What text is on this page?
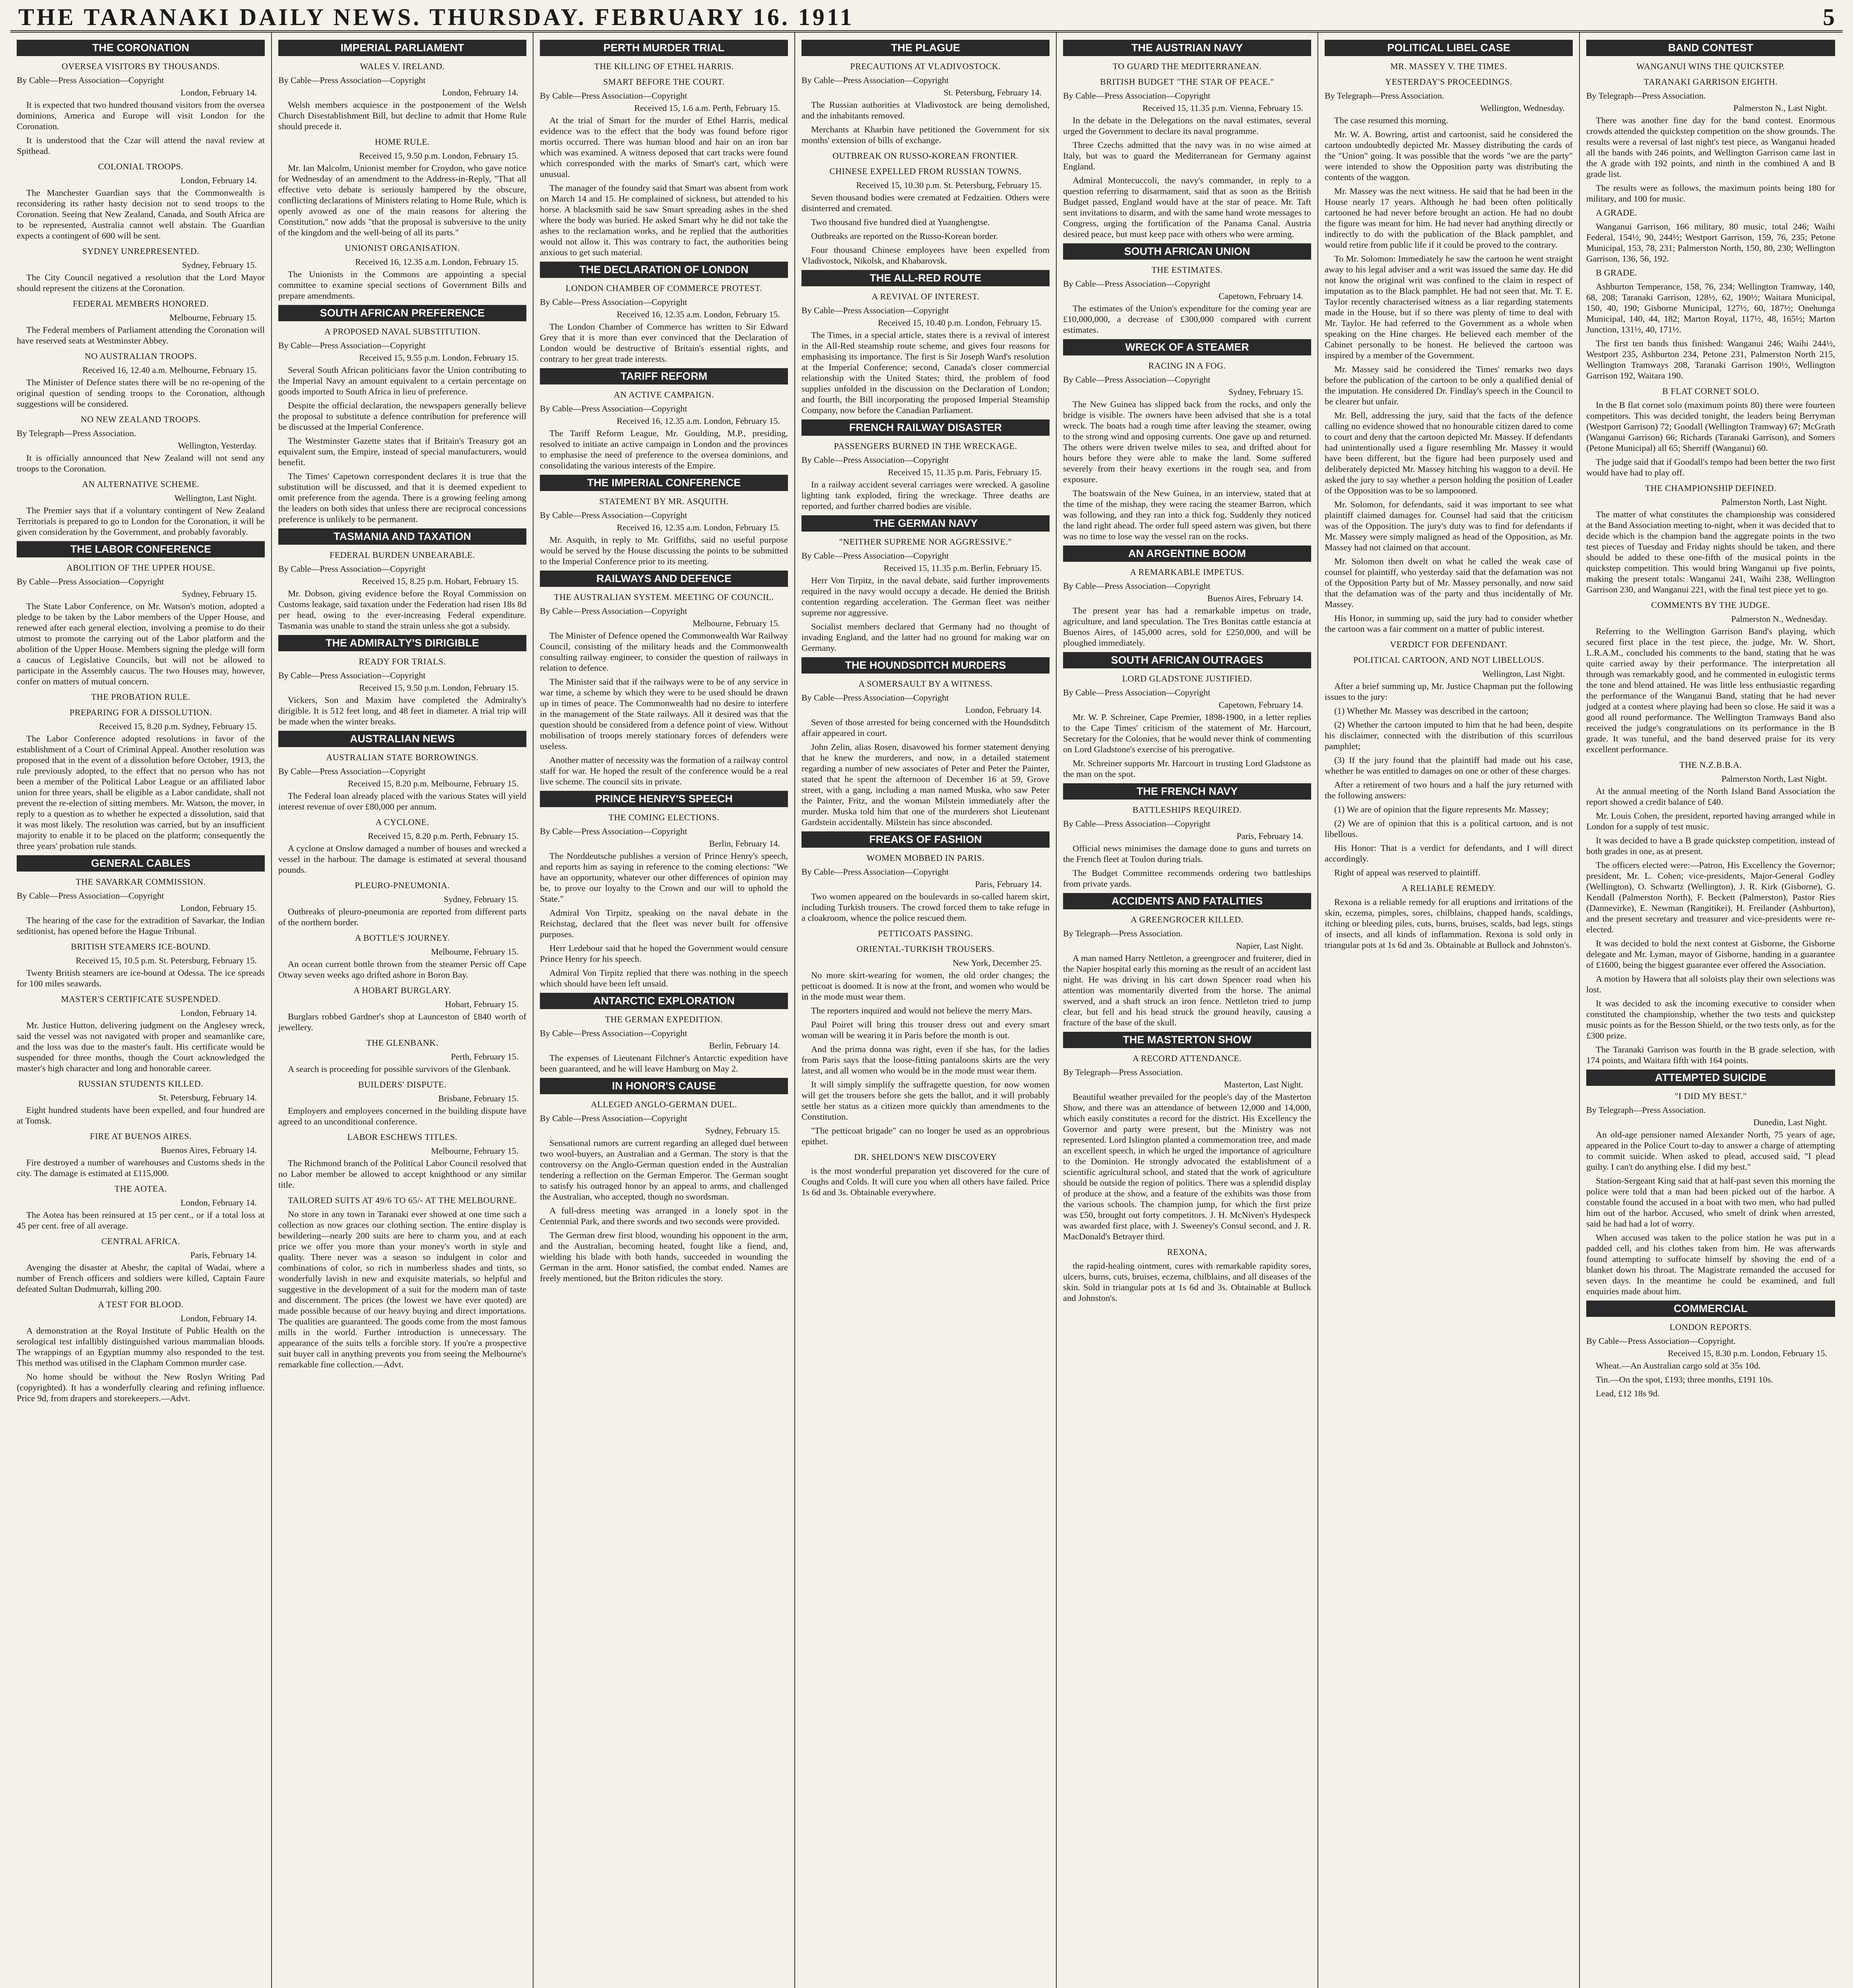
THE TARANAKI DAILY NEWS. THURSDAY. FEBRUARY 16. 1911	5
THE CORONATION
OVERSEA VISITORS BY THOUSANDS.
By Cable—Press Association—Copyright
London, February 14.

It is expected that two hundred thousand visitors from the oversea dominions, America and Europe will visit London for the Coronation.

It is understood that the Czar will attend the naval review at Spithead.

COLONIAL TROOPS.
London, February 14.

The Manchester Guardian says that the Commonwealth is reconsidering its rather hasty decision not to send troops to the Coronation. Seeing that New Zealand, Canada, and South Africa are to be represented, Australia cannot well abstain. The Guardian expects a contingent of 600 will be sent.

SYDNEY UNREPRESENTED.
Sydney, February 15.

The City Council negatived a resolution that the Lord Mayor should represent the citizens at the Coronation.

FEDERAL MEMBERS HONORED.
Melbourne, February 15.

The Federal members of Parliament attending the Coronation will have reserved seats at Westminster Abbey.

NO AUSTRALIAN TROOPS.
Received 16, 12.40 a.m. Melbourne, February 15.

The Minister of Defence states there will be no re-opening of the original question of sending troops to the Coronation, although suggestions will be considered.

NO NEW ZEALAND TROOPS.
By Telegraph—Press Association.
Wellington, Yesterday.

It is officially announced that New Zealand will not send any troops to the Coronation.

AN ALTERNATIVE SCHEME.
Wellington, Last Night.

The Premier says that if a voluntary contingent of New Zealand Territorials is prepared to go to London for the Coronation, it will be given consideration by the Government, and probably favorably.

THE LABOR CONFERENCE
ABOLITION OF THE UPPER HOUSE.
By Cable—Press Association—Copyright
Sydney, February 15.

The State Labor Conference, on Mr. Watson's motion, adopted a pledge to be taken by the Labor members of the Upper House, and renewed after each general election, involving a promise to do their utmost to promote the carrying out of the Labor platform and the abolition of the Upper House. Members signing the pledge will form a caucus of Legislative Councils, but will not be allowed to participate in the Assembly caucus. The two Houses may, however, confer on matters of mutual concern.

THE PROBATION RULE.
PREPARING FOR A DISSOLUTION.
Received 15, 8.20 p.m. Sydney, February 15.

The Labor Conference adopted resolutions in favor of the establishment of a Court of Criminal Appeal. Another resolution was proposed that in the event of a dissolution before October, 1913, the rule previously adopted, to the effect that no person who has not been a member of the Political Labor League or an affiliated labor union for three years, shall be eligible as a Labor candidate, shall not prevent the re-election of sitting members. Mr. Watson, the mover, in reply to a question as to whether he expected a dissolution, said that it was most likely. The resolution was carried, but by an insufficient majority to enable it to be placed on the platform; consequently the three years' probation rule stands.

GENERAL CABLES
THE SAVARKAR COMMISSION.
By Cable—Press Association—Copyright
London, February 15.

The hearing of the case for the extradition of Savarkar, the Indian seditionist, has opened before the Hague Tribunal.

BRITISH STEAMERS ICE-BOUND.
Received 15, 10.5 p.m. St. Petersburg, February 15.

Twenty British steamers are ice-bound at Odessa. The ice spreads for 100 miles seawards.

MASTER'S CERTIFICATE SUSPENDED.
London, February 14.

Mr. Justice Hutton, delivering judgment on the Anglesey wreck, said the vessel was not navigated with proper and seamanlike care, and the loss was due to the master's fault. His certificate would be suspended for three months, though the Court acknowledged the master's high character and long and honorable career.

RUSSIAN STUDENTS KILLED.
St. Petersburg, February 14.

Eight hundred students have been expelled, and four hundred are at Tomsk.

FIRE AT BUENOS AIRES.
Buenos Aires, February 14.

Fire destroyed a number of warehouses and Customs sheds in the city. The damage is estimated at £115,000.

THE AOTEA.
London, February 14.

The Aotea has been reinsured at 15 per cent., or if a total loss at 45 per cent. free of all average.

CENTRAL AFRICA.
Paris, February 14.

Avenging the disaster at Abeshr, the capital of Wadai, where a number of French officers and soldiers were killed, Captain Faure defeated Sultan Dudmurrah, killing 200.

A TEST FOR BLOOD.
London, February 14.

A demonstration at the Royal Institute of Public Health on the serological test infallibly distinguished various mammalian bloods. The wrappings of an Egyptian mummy also responded to the test. This method was utilised in the Clapham Common murder case.

No home should be without the New Roslyn Writing Pad (copyrighted). It has a wonderfully clearing and refining influence. Price 9d, from drapers and storekeepers.—Advt.

IMPERIAL PARLIAMENT
WALES V. IRELAND.
By Cable—Press Association—Copyright
London, February 14.

Welsh members acquiesce in the postponement of the Welsh Church Disestablishment Bill, but decline to admit that Home Rule should precede it.

HOME RULE.
Received 15, 9.50 p.m. London, February 15.

Mr. Ian Malcolm, Unionist member for Croydon, who gave notice for Wednesday of an amendment to the Address-in-Reply, "That all effective veto debate is seriously hampered by the obscure, conflicting declarations of Ministers relating to Home Rule, which is openly avowed as one of the main reasons for altering the Constitution," now adds "that the proposal is subversive to the unity of the kingdom and the well-being of all its parts."

UNIONIST ORGANISATION.
Received 16, 12.35 a.m. London, February 15.

The Unionists in the Commons are appointing a special committee to examine special sections of Government Bills and prepare amendments.

SOUTH AFRICAN PREFERENCE
A PROPOSED NAVAL SUBSTITUTION.
By Cable—Press Association—Copyright
Received 15, 9.55 p.m. London, February 15.

Several South African politicians favor the Union contributing to the Imperial Navy an amount equivalent to a certain percentage on goods imported to South Africa in lieu of preference.

Despite the official declaration, the newspapers generally believe the proposal to substitute a defence contribution for preference will be discussed at the Imperial Conference.

The Westminster Gazette states that if Britain's Treasury got an equivalent sum, the Empire, instead of special manufacturers, would benefit.

The Times' Capetown correspondent declares it is true that the substitution will be discussed, and that it is deemed expedient to omit preference from the agenda. There is a growing feeling among the leaders on both sides that unless there are reciprocal concessions preference is unlikely to be permanent.

TASMANIA AND TAXATION
FEDERAL BURDEN UNBEARABLE.
By Cable—Press Association—Copyright
Received 15, 8.25 p.m. Hobart, February 15.

Mr. Dobson, giving evidence before the Royal Commission on Customs leakage, said taxation under the Federation had risen 18s 8d per head, owing to the ever-increasing Federal expenditure. Tasmania was unable to stand the strain unless she got a subsidy.

THE ADMIRALTY'S DIRIGIBLE
READY FOR TRIALS.
By Cable—Press Association—Copyright
Received 15, 9.50 p.m. London, February 15.

Vickers, Son and Maxim have completed the Admiralty's dirigible. It is 512 feet long, and 48 feet in diameter. A trial trip will be made when the winter breaks.

AUSTRALIAN NEWS
AUSTRALIAN STATE BORROWINGS.
By Cable—Press Association—Copyright
Received 15, 8.20 p.m. Melbourne, February 15.

The Federal loan already placed with the various States will yield interest revenue of over £80,000 per annum.

A CYCLONE.
Received 15, 8.20 p.m. Perth, February 15.

A cyclone at Onslow damaged a number of houses and wrecked a vessel in the harbour. The damage is estimated at several thousand pounds.

PLEURO-PNEUMONIA.
Sydney, February 15.

Outbreaks of pleuro-pneumonia are reported from different parts of the northern border.

A BOTTLE'S JOURNEY.
Melbourne, February 15.

An ocean current bottle thrown from the steamer Persic off Cape Otway seven weeks ago drifted ashore in Boron Bay.

A HOBART BURGLARY.
Hobart, February 15.

Burglars robbed Gardner's shop at Launceston of £840 worth of jewellery.

THE GLENBANK.
Perth, February 15.

A search is proceeding for possible survivors of the Glenbank.

BUILDERS' DISPUTE.
Brisbane, February 15.

Employers and employees concerned in the building dispute have agreed to an unconditional conference.

LABOR ESCHEWS TITLES.
Melbourne, February 15.

The Richmond branch of the Political Labor Council resolved that no Labor member be allowed to accept knighthood or any similar title.

TAILORED SUITS AT 49/6 TO 65/- AT THE MELBOURNE.

No store in any town in Taranaki ever showed at one time such a collection as now graces our clothing section. The entire display is bewildering—nearly 200 suits are here to charm you, and at each price we offer you more than your money's worth in style and quality. There never was a season so indulgent in color and combinations of color, so rich in numberless shades and tints, so wonderfully lavish in new and exquisite materials, so helpful and suggestive in the development of a suit for the modern man of taste and discernment. The prices (the lowest we have ever quoted) are made possible because of our heavy buying and direct importations. The qualities are guaranteed. The goods come from the most famous mills in the world. Further introduction is unnecessary. The appearance of the suits tells a forcible story. If you're a prospective suit buyer call in anything prevents you from seeing the Melbourne's remarkable fine collection.—Advt.

PERTH MURDER TRIAL
THE KILLING OF ETHEL HARRIS.
SMART BEFORE THE COURT.
By Cable—Press Association—Copyright
Received 15, 1.6 a.m. Perth, February 15.

At the trial of Smart for the murder of Ethel Harris, medical evidence was to the effect that the body was found before rigor mortis occurred. There was human blood and hair on an iron bar which was examined. A witness deposed that cart tracks were found which corresponded with the marks of Smart's cart, which were unusual.

The manager of the foundry said that Smart was absent from work on March 14 and 15. He complained of sickness, but attended to his horse. A blacksmith said he saw Smart spreading ashes in the shed where the body was buried. He asked Smart why he did not take the ashes to the reclamation works, and he replied that the authorities would not allow it. This was contrary to fact, the authorities being anxious to get such material.

THE DECLARATION OF LONDON
LONDON CHAMBER OF COMMERCE PROTEST.
By Cable—Press Association—Copyright
Received 16, 12.35 a.m. London, February 15.

The London Chamber of Commerce has written to Sir Edward Grey that it is more than ever convinced that the Declaration of London would be destructive of Britain's essential rights, and contrary to her great trade interests.

TARIFF REFORM
AN ACTIVE CAMPAIGN.
By Cable—Press Association—Copyright
Received 16, 12.35 a.m. London, February 15.

The Tariff Reform League, Mr. Goulding, M.P., presiding, resolved to initiate an active campaign in London and the provinces to emphasise the need of preference to the oversea dominions, and consolidating the various interests of the Empire.

THE IMPERIAL CONFERENCE
STATEMENT BY MR. ASQUITH.
By Cable—Press Association—Copyright
Received 16, 12.35 a.m. London, February 15.

Mr. Asquith, in reply to Mr. Griffiths, said no useful purpose would be served by the House discussing the points to be submitted to the Imperial Conference prior to its meeting.

RAILWAYS AND DEFENCE
THE AUSTRALIAN SYSTEM. MEETING OF COUNCIL.
By Cable—Press Association—Copyright
Melbourne, February 15.

The Minister of Defence opened the Commonwealth War Railway Council, consisting of the military heads and the Commonwealth consulting railway engineer, to consider the question of railways in relation to defence.

The Minister said that if the railways were to be of any service in war time, a scheme by which they were to be used should be drawn up in times of peace. The Commonwealth had no desire to interfere in the management of the State railways. All it desired was that the question should be considered from a defence point of view. Without mobilisation of troops merely stationary forces of defenders were useless.

Another matter of necessity was the formation of a railway control staff for war. He hoped the result of the conference would be a real live scheme. The council sits in private.

PRINCE HENRY'S SPEECH
THE COMING ELECTIONS.
By Cable—Press Association—Copyright
Berlin, February 14.

The Norddeutsche publishes a version of Prince Henry's speech, and reports him as saying in reference to the coming elections: "We have an opportunity, whatever our other differences of opinion may be, to prove our loyalty to the Crown and our will to uphold the State."

Admiral Von Tirpitz, speaking on the naval debate in the Reichstag, declared that the fleet was never built for offensive purposes.

Herr Ledebour said that he hoped the Government would censure Prince Henry for his speech.

Admiral Von Tirpitz replied that there was nothing in the speech which should have been left unsaid.

ANTARCTIC EXPLORATION
THE GERMAN EXPEDITION.
By Cable—Press Association—Copyright
Berlin, February 14.

The expenses of Lieutenant Filchner's Antarctic expedition have been guaranteed, and he will leave Hamburg on May 2.

IN HONOR'S CAUSE
ALLEGED ANGLO-GERMAN DUEL.
By Cable—Press Association—Copyright
Sydney, February 15.

Sensational rumors are current regarding an alleged duel between two wool-buyers, an Australian and a German. The story is that the controversy on the Anglo-German question ended in the Australian tendering a reflection on the German Emperor. The German sought to satisfy his outraged honor by an appeal to arms, and challenged the Australian, who accepted, though no swordsman.

A full-dress meeting was arranged in a lonely spot in the Centennial Park, and there swords and two seconds were provided.

The German drew first blood, wounding his opponent in the arm, and the Australian, becoming heated, fought like a fiend, and, wielding his blade with both hands, succeeded in wounding the German in the arm. Honor satisfied, the combat ended. Names are freely mentioned, but the Briton ridicules the story.

THE PLAGUE
PRECAUTIONS AT VLADIVOSTOCK.
By Cable—Press Association—Copyright
St. Petersburg, February 14.

The Russian authorities at Vladivostock are being demolished, and the inhabitants removed.

Merchants at Kharbin have petitioned the Government for six months' extension of bills of exchange.

OUTBREAK ON RUSSO-KOREAN FRONTIER.
CHINESE EXPELLED FROM RUSSIAN TOWNS.
Received 15, 10.30 p.m. St. Petersburg, February 15.

Seven thousand bodies were cremated at Fedzaitien. Others were disinterred and cremated.

Two thousand five hundred died at Yuanghengtse.

Outbreaks are reported on the Russo-Korean border.

Four thousand Chinese employees have been expelled from Vladivostock, Nikolsk, and Khabarovsk.

THE ALL-RED ROUTE
A REVIVAL OF INTEREST.
By Cable—Press Association—Copyright
Received 15, 10.40 p.m. London, February 15.

The Times, in a special article, states there is a revival of interest in the All-Red steamship route scheme, and gives four reasons for emphasising its importance. The first is Sir Joseph Ward's resolution at the Imperial Conference; second, Canada's closer commercial relationship with the United States; third, the problem of food supplies unfolded in the discussion on the Declaration of London; and fourth, the Bill incorporating the proposed Imperial Steamship Company, now before the Canadian Parliament.

FRENCH RAILWAY DISASTER
PASSENGERS BURNED IN THE WRECKAGE.
By Cable—Press Association—Copyright
Received 15, 11.35 p.m. Paris, February 15.

In a railway accident several carriages were wrecked. A gasoline lighting tank exploded, firing the wreckage. Three deaths are reported, and further charred bodies are visible.

THE GERMAN NAVY
"NEITHER SUPREME NOR AGGRESSIVE."
By Cable—Press Association—Copyright
Received 15, 11.35 p.m. Berlin, February 15.

Herr Von Tirpitz, in the naval debate, said further improvements required in the navy would occupy a decade. He denied the British contention regarding acceleration. The German fleet was neither supreme nor aggressive.

Socialist members declared that Germany had no thought of invading England, and the latter had no ground for making war on Germany.

THE HOUNDSDITCH MURDERS
A SOMERSAULT BY A WITNESS.
By Cable—Press Association—Copyright
London, February 14.

Seven of those arrested for being concerned with the Houndsditch affair appeared in court.

John Zelin, alias Rosen, disavowed his former statement denying that he knew the murderers, and now, in a detailed statement regarding a number of new associates of Peter and Peter the Painter, stated that he spent the afternoon of December 16 at 59, Grove street, with a gang, including a man named Muska, who saw Peter the Painter, Fritz, and the woman Milstein immediately after the murder. Muska told him that one of the murderers shot Lieutenant Gardstein accidentally. Milstein has since absconded.

FREAKS OF FASHION
WOMEN MOBBED IN PARIS.
By Cable—Press Association—Copyright
Paris, February 14.

Two women appeared on the boulevards in so-called harem skirt, including Turkish trousers. The crowd forced them to take refuge in a cloakroom, whence the police rescued them.

PETTICOATS PASSING.
ORIENTAL-TURKISH TROUSERS.
New York, December 25.

No more skirt-wearing for women, the old order changes; the petticoat is doomed. It is now at the front, and women who would be in the mode must wear them.

The reporters inquired and would not believe the merry Mars.

Paul Poiret will bring this trouser dress out and every smart woman will be wearing it in Paris before the month is out.

And the prima donna was right, even if she has, for the ladies from Paris says that the loose-fitting pantaloons skirts are the very latest, and all women who would be in the mode must wear them.

It will simply simplify the suffragette question, for now women will get the trousers before she gets the ballot, and it will probably settle her status as a citizen more quickly than amendments to the Constitution.

"The petticoat brigade" can no longer be used as an opprobrious epithet.

DR. SHELDON'S NEW DISCOVERY

is the most wonderful preparation yet discovered for the cure of Coughs and Colds. It will cure you when all others have failed. Price 1s 6d and 3s. Obtainable everywhere.

THE AUSTRIAN NAVY
TO GUARD THE MEDITERRANEAN.
BRITISH BUDGET "THE STAR OF PEACE."
By Cable—Press Association—Copyright
Received 15, 11.35 p.m. Vienna, February 15.

In the debate in the Delegations on the naval estimates, several urged the Government to declare its naval programme.

Three Czechs admitted that the navy was in no wise aimed at Italy, but was to guard the Mediterranean for Germany against England.

Admiral Montecuccoli, the navy's commander, in reply to a question referring to disarmament, said that as soon as the British Budget passed, England would have at the star of peace. Mr. Taft sent invitations to disarm, and with the same hand wrote messages to Congress, urging the fortification of the Panama Canal. Austria desired peace, but must keep pace with others who were arming.

SOUTH AFRICAN UNION
THE ESTIMATES.
By Cable—Press Association—Copyright
Capetown, February 14.

The estimates of the Union's expenditure for the coming year are £10,000,000, a decrease of £300,000 compared with current estimates.

WRECK OF A STEAMER
RACING IN A FOG.
By Cable—Press Association—Copyright
Sydney, February 15.

The New Guinea has slipped back from the rocks, and only the bridge is visible. The owners have been advised that she is a total wreck. The boats had a rough time after leaving the steamer, owing to the strong wind and opposing currents. One gave up and returned. The others were driven twelve miles to sea, and drifted about for hours before they were able to make the land. Some suffered severely from their heavy exertions in the rough sea, and from exposure.

The boatswain of the New Guinea, in an interview, stated that at the time of the mishap, they were racing the steamer Barron, which was following, and they ran into a thick fog. Suddenly they noticed the land right ahead. The order full speed astern was given, but there was no time to lose way the vessel ran on the rocks.

AN ARGENTINE BOOM
A REMARKABLE IMPETUS.
By Cable—Press Association—Copyright
Buenos Aires, February 14.

The present year has had a remarkable impetus on trade, agriculture, and land speculation. The Tres Bonitas cattle estancia at Buenos Aires, of 145,000 acres, sold for £250,000, and will be ploughed immediately.

SOUTH AFRICAN OUTRAGES
LORD GLADSTONE JUSTIFIED.
By Cable—Press Association—Copyright
Capetown, February 14.

Mr. W. P. Schreiner, Cape Premier, 1898-1900, in a letter replies to the Cape Times' criticism of the statement of Mr. Harcourt, Secretary for the Colonies, that he would never think of commenting on Lord Gladstone's exercise of his prerogative.

Mr. Schreiner supports Mr. Harcourt in trusting Lord Gladstone as the man on the spot.

THE FRENCH NAVY
BATTLESHIPS REQUIRED.
By Cable—Press Association—Copyright
Paris, February 14.

Official news minimises the damage done to guns and turrets on the French fleet at Toulon during trials.

The Budget Committee recommends ordering two battleships from private yards.

ACCIDENTS AND FATALITIES
A GREENGROCER KILLED.
By Telegraph—Press Association.
Napier, Last Night.

A man named Harry Nettleton, a greengrocer and fruiterer, died in the Napier hospital early this morning as the result of an accident last night. He was driving in his cart down Spencer road when his attention was momentarily diverted from the horse. The animal swerved, and a shaft struck an iron fence. Nettleton tried to jump clear, but fell and his head struck the ground heavily, causing a fracture of the base of the skull.

THE MASTERTON SHOW
A RECORD ATTENDANCE.
By Telegraph—Press Association.
Masterton, Last Night.

Beautiful weather prevailed for the people's day of the Masterton Show, and there was an attendance of between 12,000 and 14,000, which easily constitutes a record for the district. His Excellency the Governor and party were present, but the Ministry was not represented. Lord Islington planted a commemoration tree, and made an excellent speech, in which he urged the importance of agriculture to the Dominion. He strongly advocated the establishment of a scientific agricultural school, and stated that the work of agriculture should be outside the region of politics. There was a splendid display of produce at the show, and a feature of the exhibits was those from the various schools. The champion jump, for which the first prize was £50, brought out forty competitors. J. H. McNiven's Hydespeck was awarded first place, with J. Sweeney's Consul second, and J. R. MacDonald's Betrayer third.

REXONA,

the rapid-healing ointment, cures with remarkable rapidity sores, ulcers, burns, cuts, bruises, eczema, chilblains, and all diseases of the skin. Sold in triangular pots at 1s 6d and 3s. Obtainable at Bullock and Johnston's.

POLITICAL LIBEL CASE
MR. MASSEY V. THE TIMES.
YESTERDAY'S PROCEEDINGS.
By Telegraph—Press Association.
Wellington, Wednesday.

The case resumed this morning.

Mr. W. A. Bowring, artist and cartoonist, said he considered the cartoon undoubtedly depicted Mr. Massey distributing the cards of the "Union" going. It was possible that the words "we are the party" were intended to show the Opposition party was distributing the contents of the waggon.

Mr. Massey was the next witness. He said that he had been in the House nearly 17 years. Although he had been often politically cartooned he had never before brought an action. He had no doubt the figure was meant for him. He had never had anything directly or indirectly to do with the publication of the Black pamphlet, and would retire from public life if it could be proved to the contrary.

To Mr. Solomon: Immediately he saw the cartoon he went straight away to his legal adviser and a writ was issued the same day. He did not know the original writ was confined to the claim in respect of imputation as to the Black pamphlet. He had not seen that. Mr. T. E. Taylor recently characterised witness as a liar regarding statements made in the House, but if so there was plenty of time to deal with Mr. Taylor. He had referred to the Government as a whole when speaking on the Hine charges. He believed each member of the Cabinet personally to be honest. He believed the cartoon was inspired by a member of the Government.

Mr. Massey said he considered the Times' remarks two days before the publication of the cartoon to be only a qualified denial of the imputation. He considered Dr. Findlay's speech in the Council to be clearer but unfair.

Mr. Bell, addressing the jury, said that the facts of the defence calling no evidence showed that no honourable citizen dared to come to court and deny that the cartoon depicted Mr. Massey. If defendants had unintentionally used a figure resembling Mr. Massey it would have been different, but the figure had been purposely used and deliberately depicted Mr. Massey hitching his waggon to a devil. He asked the jury to say whether a person holding the position of Leader of the Opposition was to be so lampooned.

Mr. Solomon, for defendants, said it was important to see what plaintiff claimed damages for. Counsel had said that the criticism was of the Opposition. The jury's duty was to find for defendants if Mr. Massey were simply maligned as head of the Opposition, as Mr. Massey had not claimed on that account.

Mr. Solomon then dwelt on what he called the weak case of counsel for plaintiff, who yesterday said that the defamation was not of the Opposition Party but of Mr. Massey personally, and now said that the defamation was of the party and thus incidentally of Mr. Massey.

His Honor, in summing up, said the jury had to consider whether the cartoon was a fair comment on a matter of public interest.

VERDICT FOR DEFENDANT.
POLITICAL CARTOON, AND NOT LIBELLOUS.
Wellington, Last Night.

After a brief summing up, Mr. Justice Chapman put the following issues to the jury:

(1) Whether Mr. Massey was described in the cartoon;

(2) Whether the cartoon imputed to him that he had been, despite his disclaimer, connected with the distribution of this scurrilous pamphlet;

(3) If the jury found that the plaintiff had made out his case, whether he was entitled to damages on one or other of these charges.

After a retirement of two hours and a half the jury returned with the following answers:

(1) We are of opinion that the figure represents Mr. Massey;

(2) We are of opinion that this is a political cartoon, and is not libellous.

His Honor: That is a verdict for defendants, and I will direct accordingly.

Right of appeal was reserved to plaintiff.

A RELIABLE REMEDY.

Rexona is a reliable remedy for all eruptions and irritations of the skin, eczema, pimples, sores, chilblains, chapped hands, scaldings, itching or bleeding piles, cuts, burns, bruises, scalds, bad legs, stings of insects, and all kinds of inflammation. Rexona is sold only in triangular pots at 1s 6d and 3s. Obtainable at Bullock and Johnston's.

BAND CONTEST
WANGANUI WINS THE QUICKSTEP.
TARANAKI GARRISON EIGHTH.
By Telegraph—Press Association.
Palmerston N., Last Night.

There was another fine day for the band contest. Enormous crowds attended the quickstep competition on the show grounds. The results were a reversal of last night's test piece, as Wanganui headed all the bands with 246 points, and Wellington Garrison came last in the A grade with 192 points, and ninth in the combined A and B grade list.

The results were as follows, the maximum points being 180 for military, and 100 for music.

A GRADE.

Wanganui Garrison, 166 military, 80 music, total 246; Waihi Federal, 154½, 90, 244½; Westport Garrison, 159, 76, 235; Petone Municipal, 153, 78, 231; Palmerston North, 150, 80, 230; Wellington Garrison, 136, 56, 192.

B GRADE.

Ashburton Temperance, 158, 76, 234; Wellington Tramway, 140, 68, 208; Taranaki Garrison, 128½, 62, 190½; Waitara Municipal, 150, 40, 190; Gisborne Municipal, 127½, 60, 187½; Onehunga Municipal, 140, 44, 182; Marton Royal, 117½, 48, 165½; Marton Junction, 131½, 40, 171½.

The first ten bands thus finished: Wanganui 246; Waihi 244½, Westport 235, Ashburton 234, Petone 231, Palmerston North 215, Wellington Tramways 208, Taranaki Garrison 190½, Wellington Garrison 192, Waitara 190.

B FLAT CORNET SOLO.

In the B flat cornet solo (maximum points 80) there were fourteen competitors. This was decided tonight, the leaders being Berryman (Westport Garrison) 72; Goodall (Wellington Tramway) 67; McGrath (Wanganui Garrison) 66; Richards (Taranaki Garrison), and Somers (Petone Municipal) all 65; Sherriff (Wanganui) 60.

The judge said that if Goodall's tempo had been better the two first would have had to play off.

THE CHAMPIONSHIP DEFINED.
Palmerston North, Last Night.

The matter of what constitutes the championship was considered at the Band Association meeting to-night, when it was decided that to decide which is the champion band the aggregate points in the two test pieces of Tuesday and Friday nights should be taken, and there should be added to these one-fifth of the musical points in the quickstep competition. This would bring Wanganui up five points, making the present totals: Wanganui 241, Waihi 238, Wellington Garrison 230, and Wanganui 221, with the final test piece yet to go.

COMMENTS BY THE JUDGE.
Palmerston N., Wednesday.

Referring to the Wellington Garrison Band's playing, which secured first place in the test piece, the judge, Mr. W. Short, L.R.A.M., concluded his comments to the band, stating that he was quite carried away by their performance. The interpretation all through was remarkably good, and he commented in eulogistic terms the tone and blend attained. He was little less enthusiastic regarding the performance of the Wanganui Band, stating that he had never judged at a contest where playing had been so close. He said it was a good all round performance. The Wellington Tramways Band also received the judge's congratulations on its performance in the B grade. It was tuneful, and the band deserved praise for its very excellent performance.

THE N.Z.B.B.A.
Palmerston North, Last Night.

At the annual meeting of the North Island Band Association the report showed a credit balance of £40.

Mr. Louis Cohen, the president, reported having arranged while in London for a supply of test music.

It was decided to have a B grade quickstep competition, instead of both grades in one, as at present.

The officers elected were:—Patron, His Excellency the Governor; president, Mr. L. Cohen; vice-presidents, Major-General Godley (Wellington), O. Schwartz (Wellington), J. R. Kirk (Gisborne), G. Kendall (Palmerston North), F. Beckett (Palmerston), Pastor Ries (Dannevirke), E. Newman (Rangitikei), H. Freilander (Ashburton), and the present secretary and treasurer and vice-presidents were re-elected.

It was decided to hold the next contest at Gisborne, the Gisborne delegate and Mr. Lyman, mayor of Gisborne, handing in a guarantee of £1600, being the biggest guarantee ever offered the Association.

A motion by Hawera that all soloists play their own selections was lost.

It was decided to ask the incoming executive to consider when constituted the championship, whether the two tests and quickstep music points as for the Besson Shield, or the two tests only, as for the £300 prize.

The Taranaki Garrison was fourth in the B grade selection, with 174 points, and Waitara fifth with 164 points.

ATTEMPTED SUICIDE
"I DID MY BEST."
By Telegraph—Press Association.
Dunedin, Last Night.

An old-age pensioner named Alexander North, 75 years of age, appeared in the Police Court to-day to answer a charge of attempting to commit suicide. When asked to plead, accused said, "I plead guilty. I can't do anything else. I did my best."

Station-Sergeant King said that at half-past seven this morning the police were told that a man had been picked out of the harbor. A constable found the accused in a boat with two men, who had pulled him out of the harbor. Accused, who smelt of drink when arrested, said he had had a lot of worry.

When accused was taken to the police station he was put in a padded cell, and his clothes taken from him. He was afterwards found attempting to suffocate himself by shoving the end of a blanket down his throat. The Magistrate remanded the accused for seven days. In the meantime he could be examined, and full enquiries made about him.

COMMERCIAL
LONDON REPORTS.
By Cable—Press Association—Copyright.
Received 15, 8.30 p.m. London, February 15.

Wheat.—An Australian cargo sold at 35s 10d.

Tin.—On the spot, £193; three months, £191 10s.

Lead, £12 18s 9d.
